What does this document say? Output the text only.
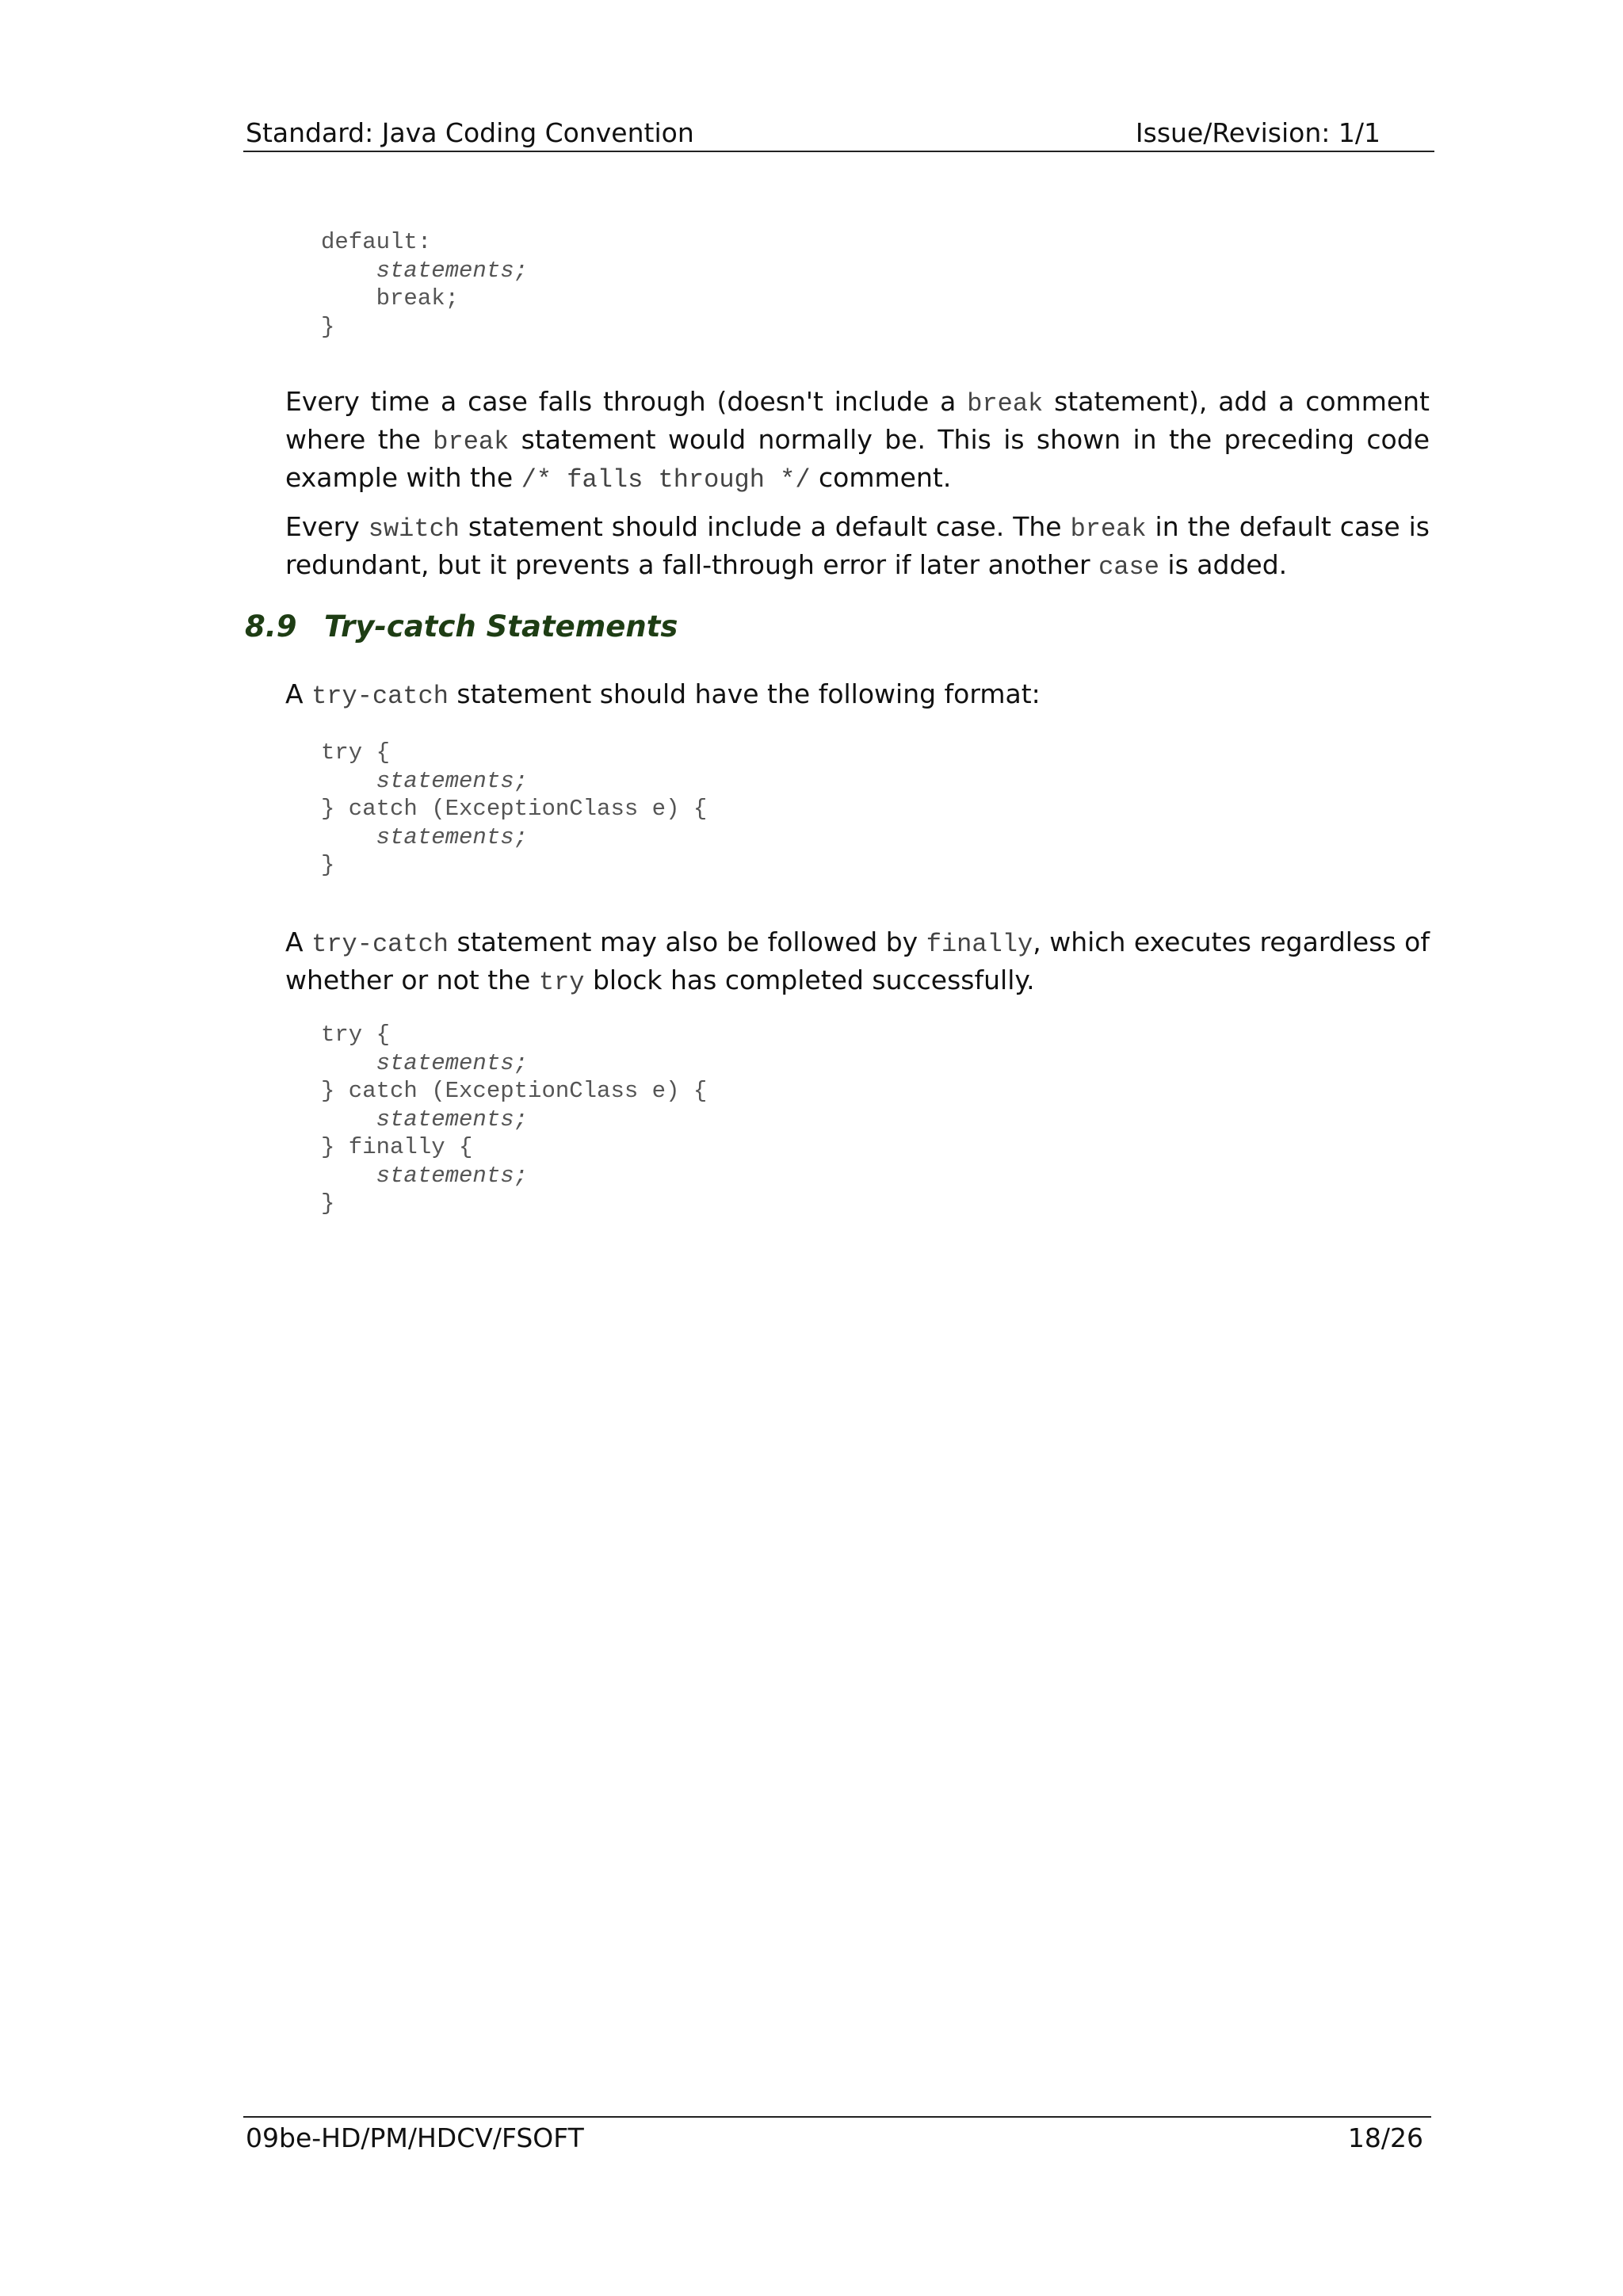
Standard: Java Coding Convention	Issue/Revision: 1/1
default:
statements;
break;
}

Every time a case falls through (doesn't include a break statement), add a comment where the break statement would normally be. This is shown in the preceding code example with the /* falls through */ comment.

Every switch statement should include a default case. The break in the default case is redundant, but it prevents a fall-through error if later another case is added.

8.9 Try-catch Statements

A try-catch statement should have the following format:

try {
statements;
} catch (ExceptionClass e) {
statements;
}

A try-catch statement may also be followed by finally, which executes regardless of whether or not the try block has completed successfully.

try {
statements;
} catch (ExceptionClass e) {
statements;
} finally {
statements;
}
09be-HD/PM/HDCV/FSOFT	18/26
